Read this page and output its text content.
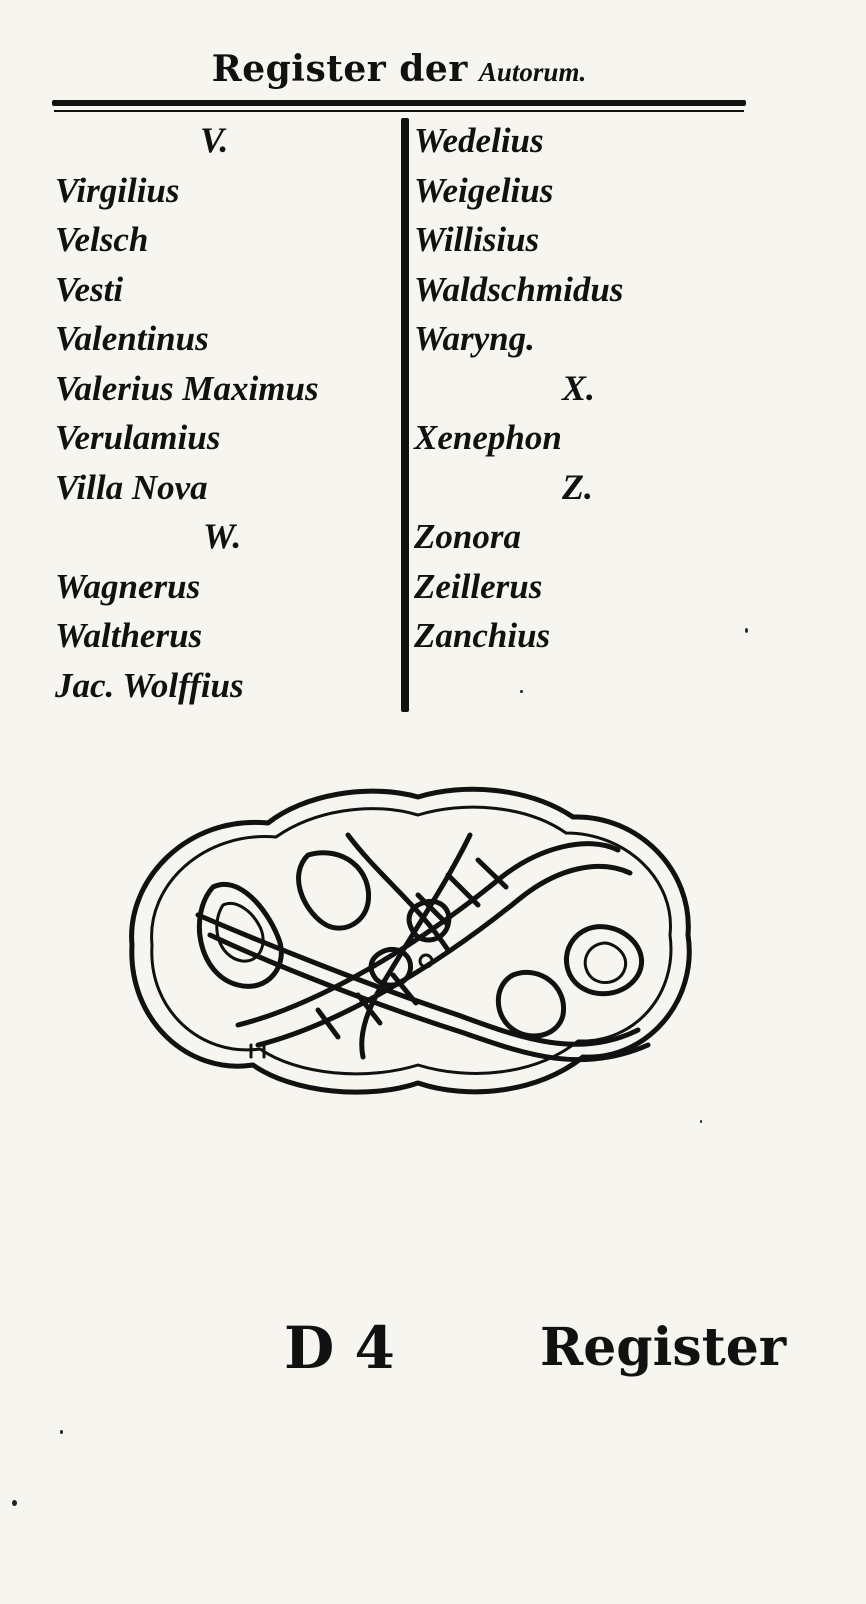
Register der Autorum.
V.
Virgilius
Velsch
Vesti
Valentinus
Valerius Maximus
Verulamius
Villa Nova
W.
Wagnerus
Waltherus
Jac. Wolffius
Wedelius
Weigelius
Willisius
Waldschmidus
Waryng.
X.
Xenephon
Z.
Zonora
Zeillerus
Zanchius
D 4	Register
